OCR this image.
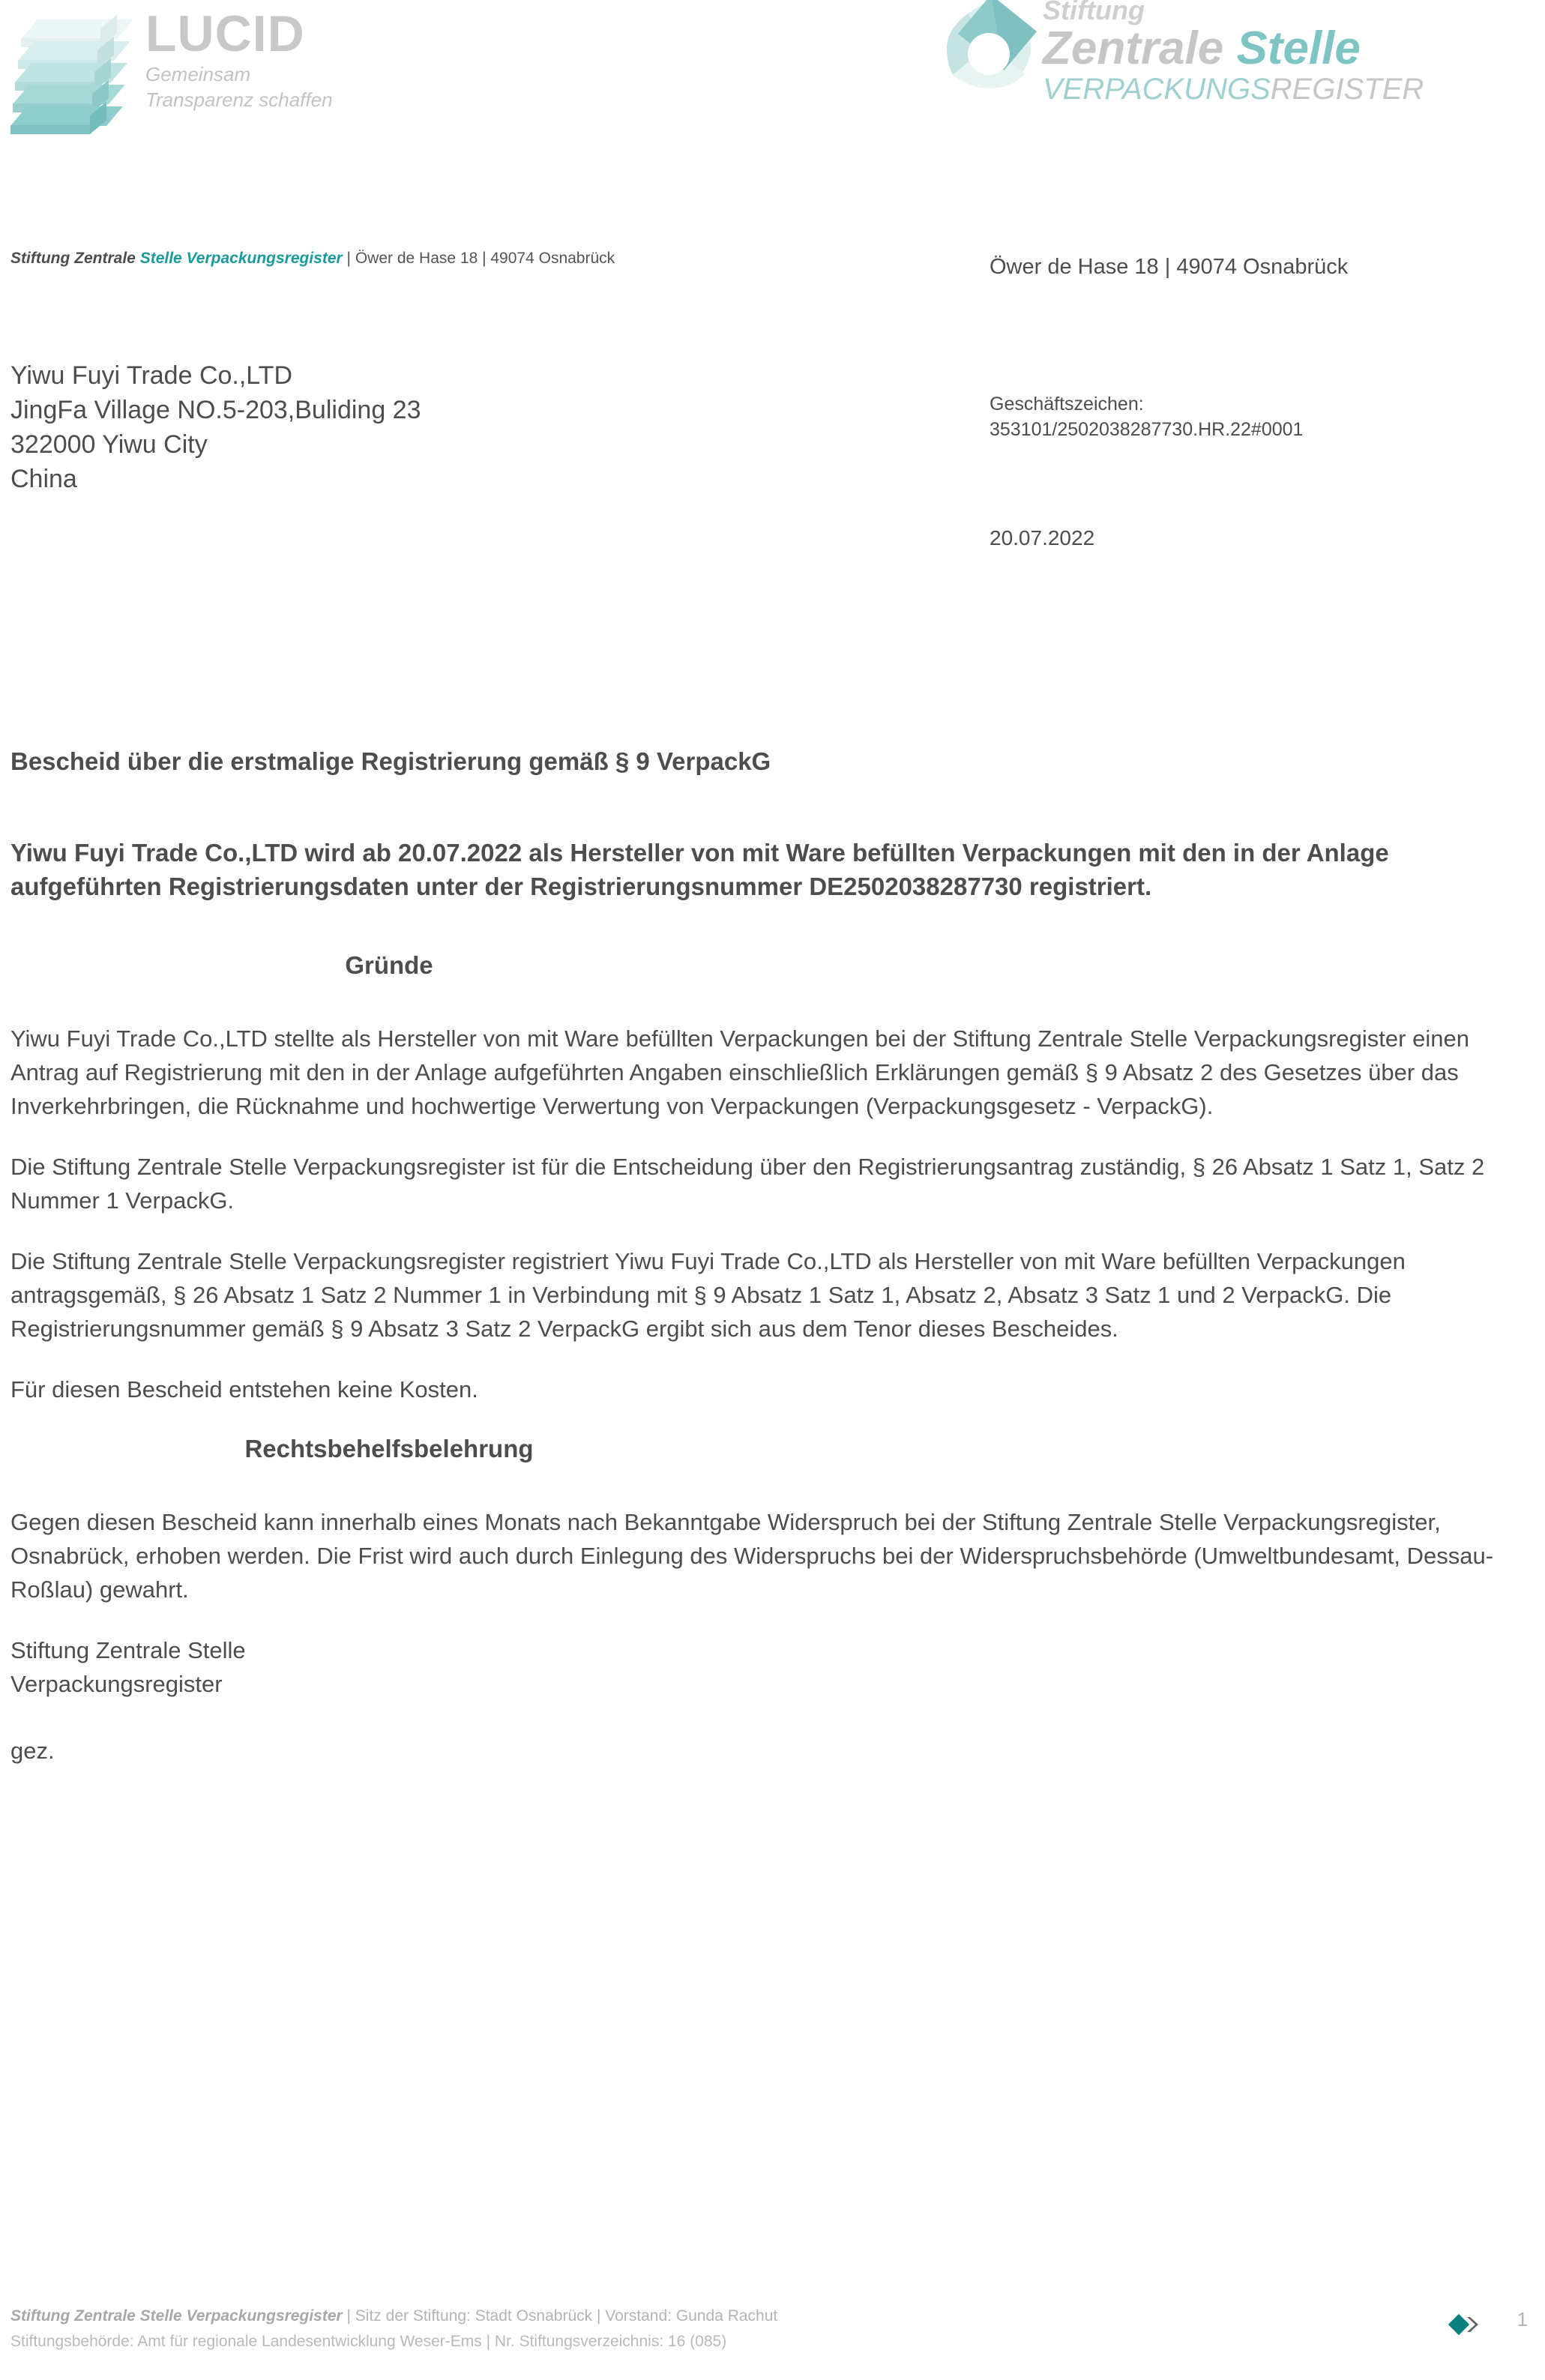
LUCID
Gemeinsam
Transparenz schaffen
Stiftung
Zentrale Stelle
VERPACKUNGSREGISTER
Stiftung Zentrale Stelle Verpackungsregister | Öwer de Hase 18 | 49074 Osnabrück	Öwer de Hase 18 | 49074 Osnabrück
Geschäftszeichen:
353101/2502038287730.HR.22#0001
20.07.2022
Yiwu Fuyi Trade Co.,LTD
JingFa Village NO.5-203,Buliding 23
322000 Yiwu City
China
Bescheid über die erstmalige Registrierung gemäß § 9 VerpackG

Yiwu Fuyi Trade Co.,LTD wird ab 20.07.2022 als Hersteller von mit Ware befüllten Verpackungen mit den in der Anlage aufgeführten Registrierungsdaten unter der Registrierungsnummer DE2502038287730 registriert.

Gründe

Yiwu Fuyi Trade Co.,LTD stellte als Hersteller von mit Ware befüllten Verpackungen bei der Stiftung Zentrale Stelle Verpackungsregister einen Antrag auf Registrierung mit den in der Anlage aufgeführten Angaben einschließlich Erklärungen gemäß § 9 Absatz 2 des Gesetzes über das Inverkehrbringen, die Rücknahme und hochwertige Verwertung von Verpackungen (Verpackungsgesetz - VerpackG).

Die Stiftung Zentrale Stelle Verpackungsregister ist für die Entscheidung über den Registrierungsantrag zuständig, § 26 Absatz 1 Satz 1, Satz 2 Nummer 1 VerpackG.

Die Stiftung Zentrale Stelle Verpackungsregister registriert Yiwu Fuyi Trade Co.,LTD als Hersteller von mit Ware befüllten Verpackungen antragsgemäß, § 26 Absatz 1 Satz 2 Nummer 1 in Verbindung mit § 9 Absatz 1 Satz 1, Absatz 2, Absatz 3 Satz 1 und 2 VerpackG. Die Registrierungsnummer gemäß § 9 Absatz 3 Satz 2 VerpackG ergibt sich aus dem Tenor dieses Bescheides.

Für diesen Bescheid entstehen keine Kosten.

Rechtsbehelfsbelehrung

Gegen diesen Bescheid kann innerhalb eines Monats nach Bekanntgabe Widerspruch bei der Stiftung Zentrale Stelle Verpackungsregister, Osnabrück, erhoben werden. Die Frist wird auch durch Einlegung des Widerspruchs bei der Widerspruchsbehörde (Umweltbundesamt, Dessau-Roßlau) gewahrt.

Stiftung Zentrale Stelle
Verpackungsregister
gez.
Stiftung Zentrale Stelle Verpackungsregister | Sitz der Stiftung: Stadt Osnabrück | Vorstand: Gunda Rachut
Stiftungsbehörde: Amt für regionale Landesentwicklung Weser-Ems | Nr. Stiftungsverzeichnis: 16 (085)
1
